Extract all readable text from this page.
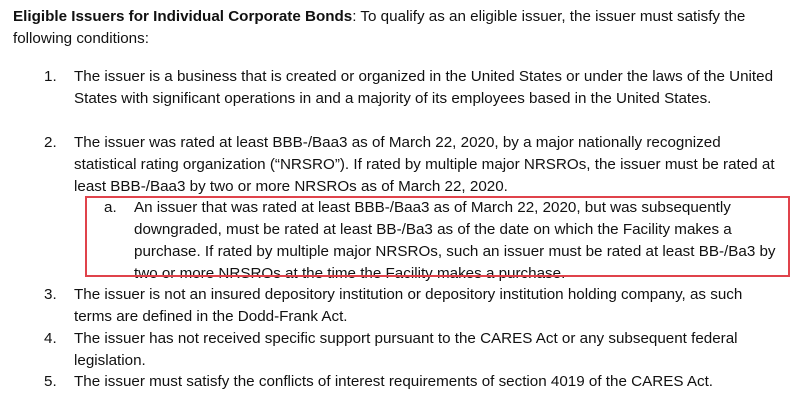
Eligible Issuers for Individual Corporate Bonds: To qualify as an eligible issuer, the issuer must satisfy the following conditions:
1.	The issuer is a business that is created or organized in the United States or under the laws of the United States with significant operations in and a majority of its employees based in the United States.
2.	The issuer was rated at least BBB-/Baa3 as of March 22, 2020, by a major nationally recognized statistical rating organization (“NRSRO”). If rated by multiple major NRSROs, the issuer must be rated at least BBB-/Baa3 by two or more NRSROs as of March 22, 2020.
a.	An issuer that was rated at least BBB-/Baa3 as of March 22, 2020, but was subsequently downgraded, must be rated at least BB-/Ba3 as of the date on which the Facility makes a purchase. If rated by multiple major NRSROs, such an issuer must be rated at least BB-/Ba3 by two or more NRSROs at the time the Facility makes a purchase.
3.	The issuer is not an insured depository institution or depository institution holding company, as such terms are defined in the Dodd-Frank Act.
4.	The issuer has not received specific support pursuant to the CARES Act or any subsequent federal legislation.
5.	The issuer must satisfy the conflicts of interest requirements of section 4019 of the CARES Act.
